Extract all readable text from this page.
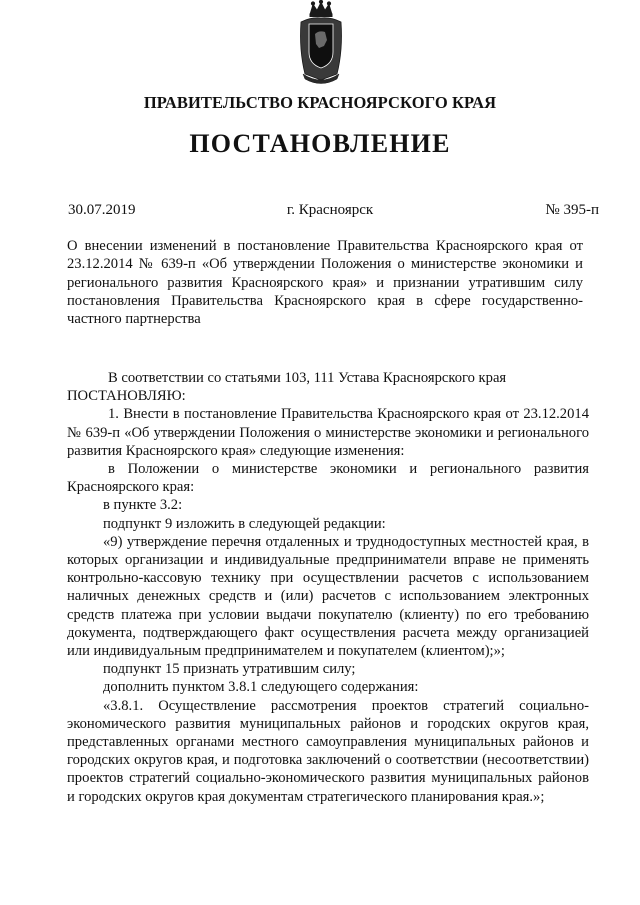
ПРАВИТЕЛЬСТВО КРАСНОЯРСКОГО КРАЯ
ПОСТАНОВЛЕНИЕ
30.07.2019	г. Красноярск	№ 395-п
О внесении изменений в постановление Правительства Красноярского края от 23.12.2014 № 639-п «Об утверждении Положения о министерстве экономики и регионального развития Красноярского края» и признании утратившим силу постановления Правительства Красноярского края в сфере государственно-частного партнерства

В соответствии со статьями 103, 111 Устава Красноярского края

ПОСТАНОВЛЯЮ:

1. Внести в постановление Правительства Красноярского края от 23.12.2014 № 639-п «Об утверждении Положения о министерстве экономики и регионального развития Красноярского края» следующие изменения:

в Положении о министерстве экономики и регионального развития Красноярского края:

в пункте 3.2:

подпункт 9 изложить в следующей редакции:

«9) утверждение перечня отдаленных и труднодоступных местностей края, в которых организации и индивидуальные предприниматели вправе не применять контрольно-кассовую технику при осуществлении расчетов с использованием наличных денежных средств и (или) расчетов с использованием электронных средств платежа при условии выдачи покупателю (клиенту) по его требованию документа, подтверждающего факт осуществления расчета между организацией или индивидуальным предпринимателем и покупателем (клиентом);»;

подпункт 15 признать утратившим силу;

дополнить пунктом 3.8.1 следующего содержания:

«3.8.1. Осуществление рассмотрения проектов стратегий социально-экономического развития муниципальных районов и городских округов края, представленных органами местного самоуправления муниципальных районов и городских округов края, и подготовка заключений о соответствии (несоответствии) проектов стратегий социально-экономического развития муниципальных районов и городских округов края документам стратегического планирования края.»;
